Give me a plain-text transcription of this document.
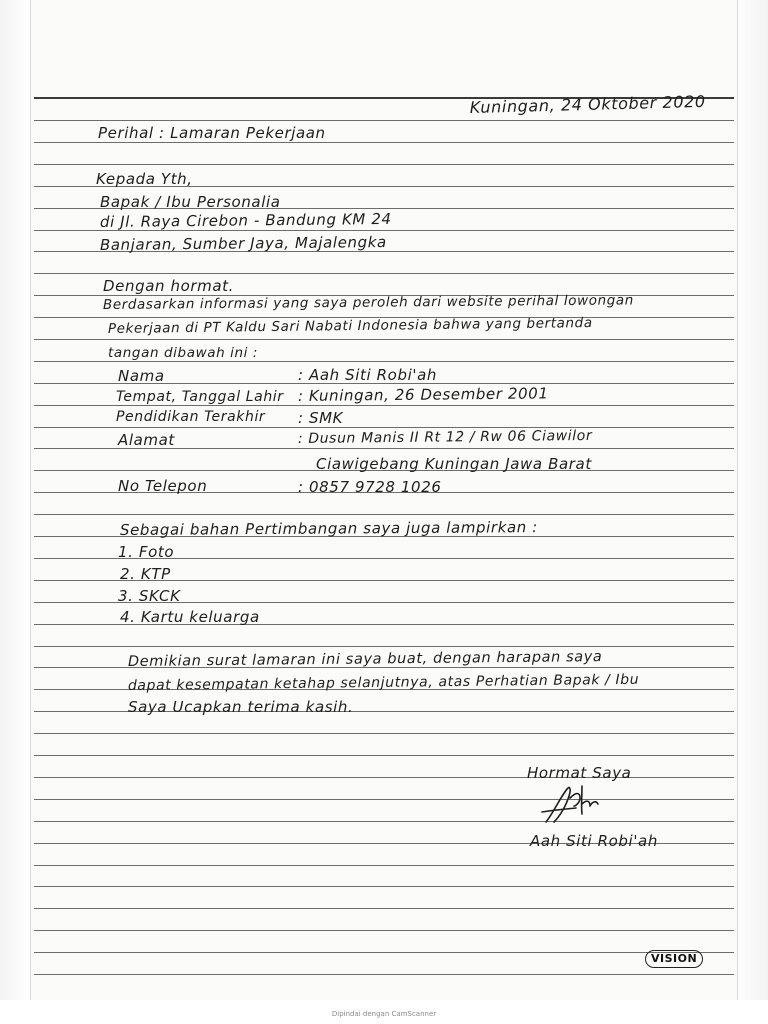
Kuningan, 24 Oktober 2020
Perihal : Lamaran Pekerjaan
Kepada Yth,
Bapak / Ibu Personalia
di Jl. Raya Cirebon - Bandung KM 24
Banjaran, Sumber Jaya, Majalengka
Dengan hormat.
Berdasarkan informasi yang saya peroleh dari website perihal lowongan
Pekerjaan di PT Kaldu Sari Nabati Indonesia bahwa yang bertanda
tangan dibawah ini :
Nama	: Aah Siti Robi'ah
Tempat, Tanggal Lahir : Kuningan, 26 Desember 2001
Pendidikan Terakhir : SMK
Alamat	: Dusun Manis II Rt 12 / Rw 06 Ciawilor
Ciawigebang Kuningan Jawa Barat
No Telepon	: 0857 9728 1026
Sebagai bahan Pertimbangan saya juga lampirkan :
1. Foto
2. KTP
3. SKCK
4. Kartu keluarga
Demikian surat lamaran ini saya buat, dengan harapan saya
dapat kesempatan ketahap selanjutnya, atas Perhatian Bapak / Ibu
Saya Ucapkan terima kasih.
Hormat Saya
Aah Siti Robi'ah
VISION
Dipindai dengan CamScanner
